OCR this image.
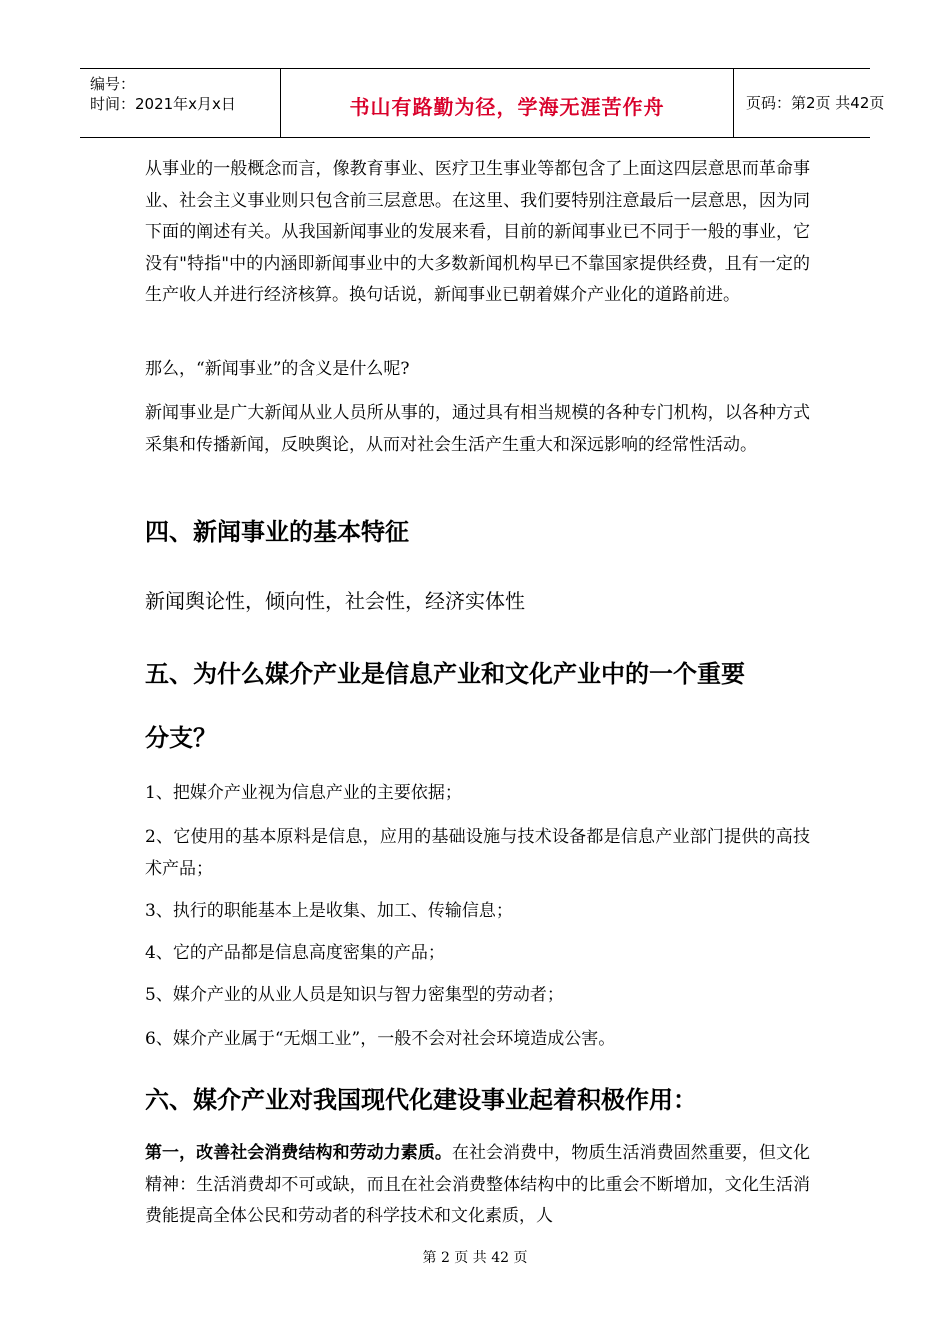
编号：
时间：2021年x月x日	书山有路勤为径，学海无涯苦作舟	页码：第2页 共42页

从事业的一般概念而言，像教育事业、医疗卫生事业等都包含了上面这四层意思而革命事业、社会主义事业则只包含前三层意思。在这里、我们要特别注意最后一层意思，因为同下面的阐述有关。从我国新闻事业的发展来看，目前的新闻事业已不同于一般的事业，它没有"特指"中的内涵即新闻事业中的大多数新闻机构早已不靠国家提供经费，且有一定的生产收人并进行经济核算。换句话说，新闻事业已朝着媒介产业化的道路前进。

那么，“新闻事业”的含义是什么呢?

新闻事业是广大新闻从业人员所从事的，通过具有相当规模的各种专门机构，以各种方式采集和传播新闻，反映舆论，从而对社会生活产生重大和深远影响的经常性活动。

四、新闻事业的基本特征

新闻舆论性，倾向性，社会性，经济实体性

五、为什么媒介产业是信息产业和文化产业中的一个重要
分支？

1、把媒介产业视为信息产业的主要依据；

2、它使用的基本原料是信息，应用的基础设施与技术设备都是信息产业部门提供的高技术产品；

3、执行的职能基本上是收集、加工、传输信息；

4、它的产品都是信息高度密集的产品；

5、媒介产业的从业人员是知识与智力密集型的劳动者；

6、媒介产业属于“无烟工业”，一般不会对社会环境造成公害。

六、媒介产业对我国现代化建设事业起着积极作用：

第一，改善社会消费结构和劳动力素质。在社会消费中，物质生活消费固然重要，但文化精神：生活消费却不可或缺，而且在社会消费整体结构中的比重会不断增加，文化生活消费能提高全体公民和劳动者的科学技术和文化素质，人

第 2 页 共 42 页
